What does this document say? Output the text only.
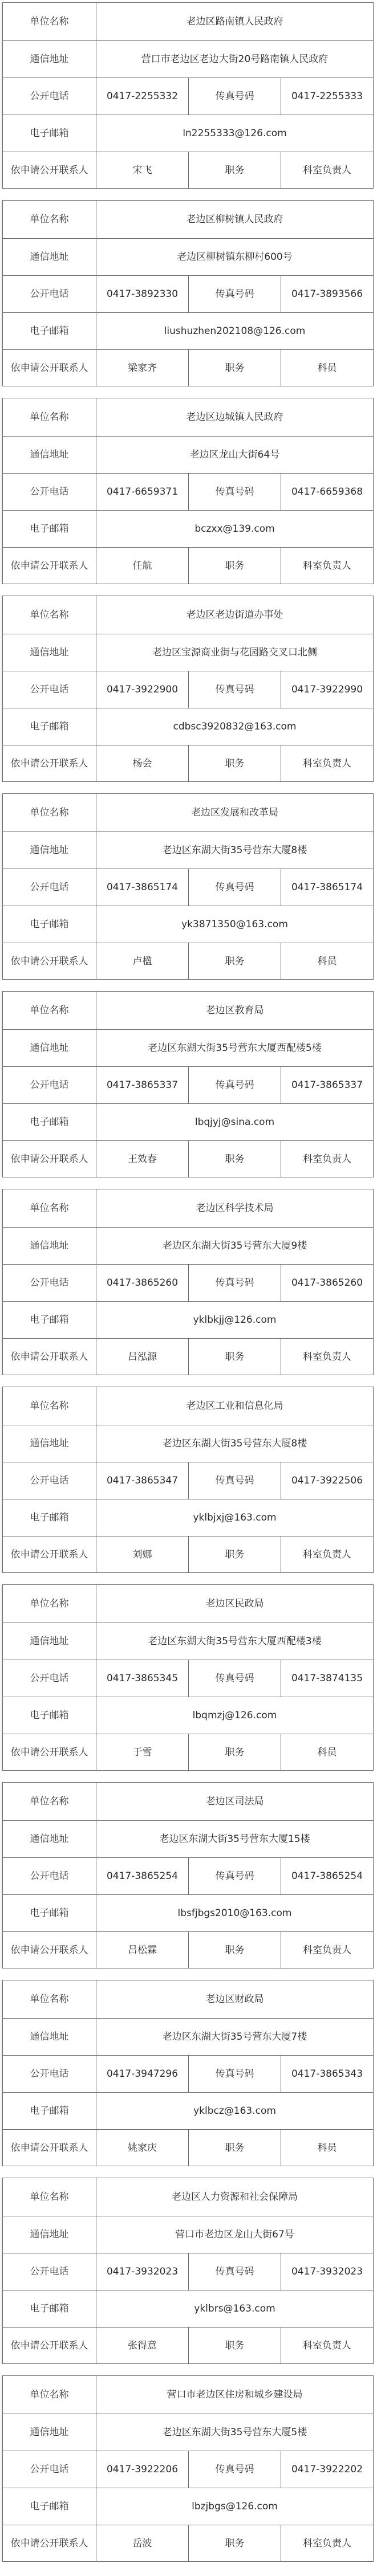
单位名称	老边区路南镇人民政府
通信地址	营口市老边区老边大街20号路南镇人民政府
公开电话	0417-2255332	传真号码	0417-2255333
电子邮箱	ln2255333@126.com
依申请公开联系人	宋飞	职务	科室负责人
单位名称	老边区柳树镇人民政府
通信地址	老边区柳树镇东柳村600号
公开电话	0417-3892330	传真号码	0417-3893566
电子邮箱	liushuzhen202108@126.com
依申请公开联系人	梁家齐	职务	科员
单位名称	老边区边城镇人民政府
通信地址	老边区龙山大街64号
公开电话	0417-6659371	传真号码	0417-6659368
电子邮箱	bczxx@139.com
依申请公开联系人	任航	职务	科室负责人
单位名称	老边区老边街道办事处
通信地址	老边区宝源商业街与花园路交叉口北侧
公开电话	0417-3922900	传真号码	0417-3922990
电子邮箱	cdbsc3920832@163.com
依申请公开联系人	杨会	职务	科室负责人
单位名称	老边区发展和改革局
通信地址	老边区东湖大街35号营东大厦8楼
公开电话	0417-3865174	传真号码	0417-3865174
电子邮箱	yk3871350@163.com
依申请公开联系人	卢楹	职务	科员
单位名称	老边区教育局
通信地址	老边区东湖大街35号营东大厦西配楼5楼
公开电话	0417-3865337	传真号码	0417-3865337
电子邮箱	lbqjyj@sina.com
依申请公开联系人	王效春	职务	科室负责人
单位名称	老边区科学技术局
通信地址	老边区东湖大街35号营东大厦9楼
公开电话	0417-3865260	传真号码	0417-3865260
电子邮箱	yklbkjj@126.com
依申请公开联系人	吕泓源	职务	科室负责人
单位名称	老边区工业和信息化局
通信地址	老边区东湖大街35号营东大厦8楼
公开电话	0417-3865347	传真号码	0417-3922506
电子邮箱	yklbjxj@163.com
依申请公开联系人	刘娜	职务	科室负责人
单位名称	老边区民政局
通信地址	老边区东湖大街35号营东大厦西配楼3楼
公开电话	0417-3865345	传真号码	0417-3874135
电子邮箱	lbqmzj@126.com
依申请公开联系人	于雪	职务	科员
单位名称	老边区司法局
通信地址	老边区东湖大街35号营东大厦15楼
公开电话	0417-3865254	传真号码	0417-3865254
电子邮箱	lbsfjbgs2010@163.com
依申请公开联系人	吕松霖	职务	科室负责人
单位名称	老边区财政局
通信地址	老边区东湖大街35号营东大厦7楼
公开电话	0417-3947296	传真号码	0417-3865343
电子邮箱	yklbcz@163.com
依申请公开联系人	姚家庆	职务	科员
单位名称	老边区人力资源和社会保障局
通信地址	营口市老边区龙山大街67号
公开电话	0417-3932023	传真号码	0417-3932023
电子邮箱	yklbrs@163.com
依申请公开联系人	张得意	职务	科室负责人
单位名称	营口市老边区住房和城乡建设局
通信地址	老边区东湖大街35号营东大厦5楼
公开电话	0417-3922206	传真号码	0417-3922202
电子邮箱	lbzjbgs@126.com
依申请公开联系人	岳波	职务	科室负责人
